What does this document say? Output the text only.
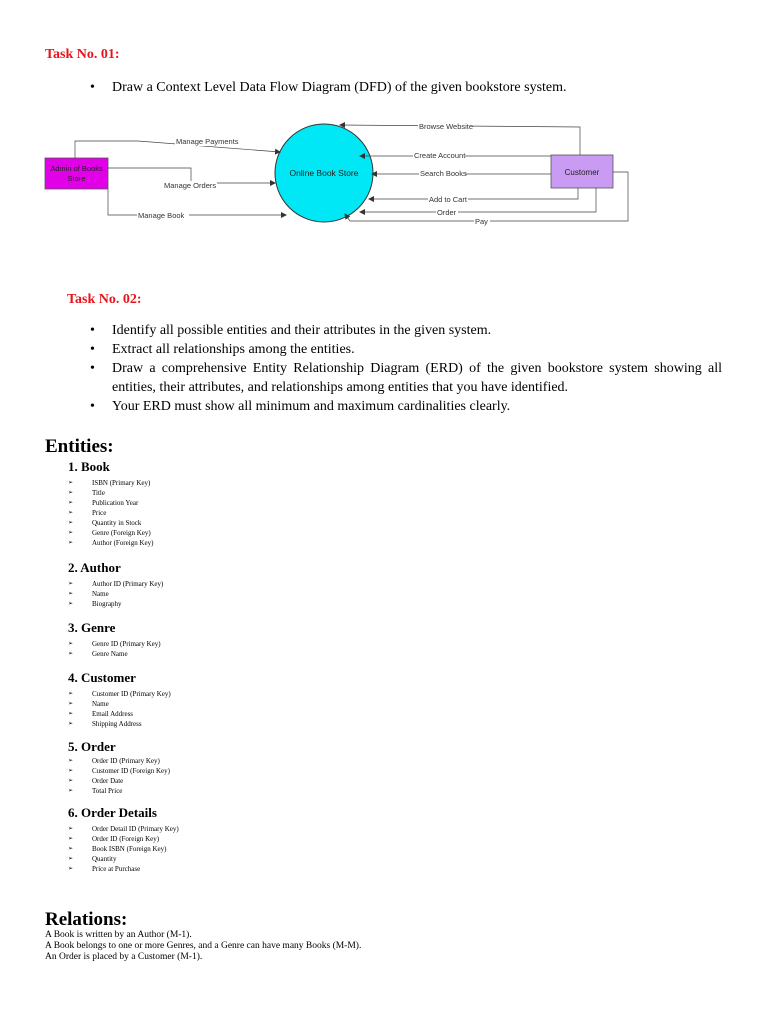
Task No. 01:
• Draw a Context Level Data Flow Diagram (DFD) of the given bookstore system.
Admin of Books
Store
Online Book Store	Customer
Manage Payments
Manage Orders
Manage Book
Browse Website
Create Account
Search Books
Add to Cart
Order
Pay
Task No. 02:
• Identify all possible entities and their attributes in the given system.
• Extract all relationships among the entities.
• Draw a comprehensive Entity Relationship Diagram (ERD) of the given bookstore system showing all entities, their attributes, and relationships among entities that you have identified.
• Your ERD must show all minimum and maximum cardinalities clearly.
Entities:
1. Book
➢ ISBN (Primary Key)
➢ Title
➢ Publication Year
➢ Price
➢ Quantity in Stock
➢ Genre (Foreign Key)
➢ Author (Foreign Key)
2. Author
➢ Author ID (Primary Key)
➢ Name
➢ Biography
3. Genre
➢ Genre ID (Primary Key)
➢ Genre Name
4. Customer
➢ Customer ID (Primary Key)
➢ Name
➢ Email Address
➢ Shipping Address
5. Order
➢ Order ID (Primary Key)
➢ Customer ID (Foreign Key)
➢ Order Date
➢ Total Price
6. Order Details
➢ Order Detail ID (Primary Key)
➢ Order ID (Foreign Key)
➢ Book ISBN (Foreign Key)
➢ Quantity
➢ Price at Purchase
Relations:
A Book is written by an Author (M-1).
A Book belongs to one or more Genres, and a Genre can have many Books (M-M).
An Order is placed by a Customer (M-1).
